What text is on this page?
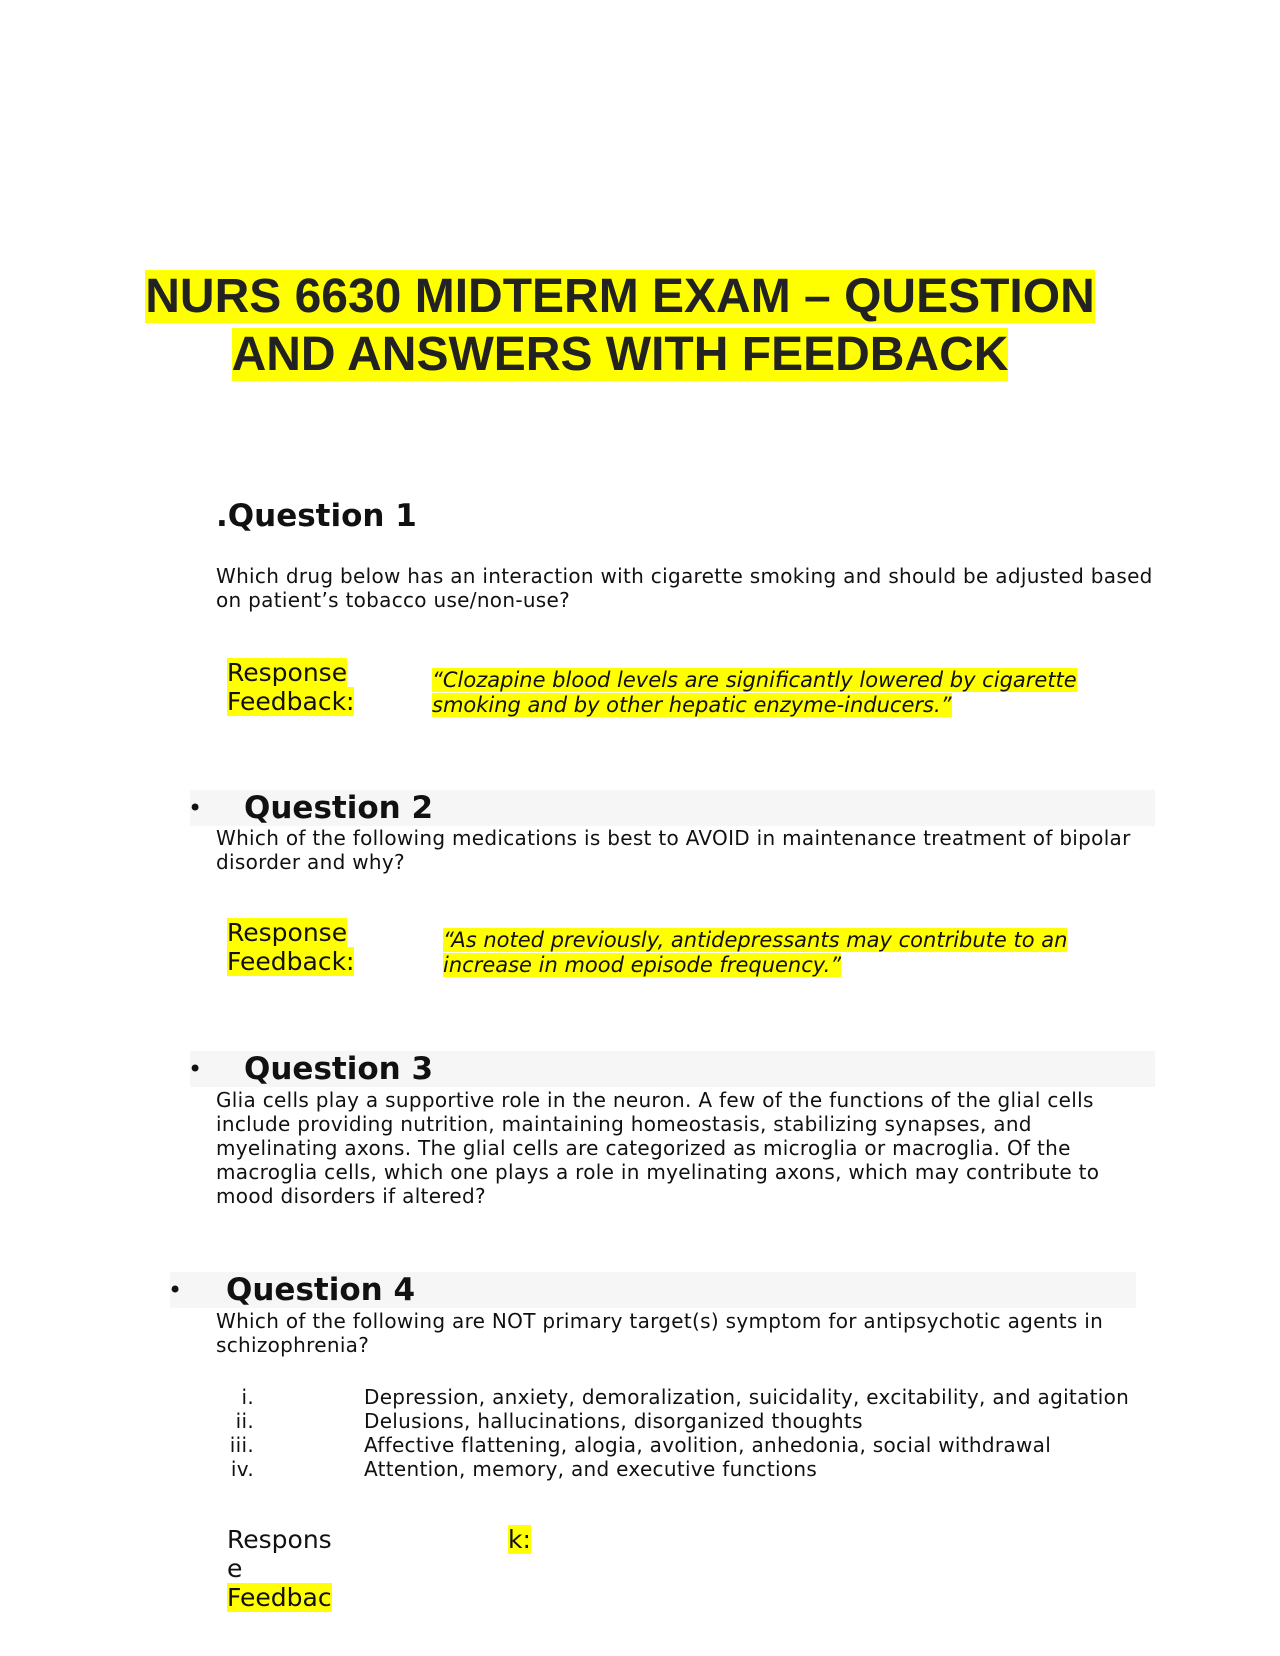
NURS 6630 MIDTERM EXAM – QUESTION
AND ANSWERS WITH FEEDBACK
.Question 1

Which drug below has an interaction with cigarette smoking and should be adjusted based on patient’s tobacco use/non-use?

Response Feedback:

“Clozapine blood levels are significantly lowered by cigarette smoking and by other hepatic enzyme-inducers.”

• Question 2

Which of the following medications is best to AVOID in maintenance treatment of bipolar disorder and why?

Response Feedback:

“As noted previously, antidepressants may contribute to an increase in mood episode frequency.”

• Question 3

Glia cells play a supportive role in the neuron. A few of the functions of the glial cells include providing nutrition, maintaining homeostasis, stabilizing synapses, and myelinating axons. The glial cells are categorized as microglia or macroglia. Of the macroglia cells, which one plays a role in myelinating axons, which may contribute to mood disorders if altered?

• Question 4

Which of the following are NOT primary target(s) symptom for antipsychotic agents in schizophrenia?

i.	Depression, anxiety, demoralization, suicidality, excitability, and agitation
ii.	Delusions, hallucinations, disorganized thoughts
iii.	Affective flattening, alogia, avolition, anhedonia, social withdrawal
iv.	Attention, memory, and executive functions

Respons
e
Feedbac

k:
